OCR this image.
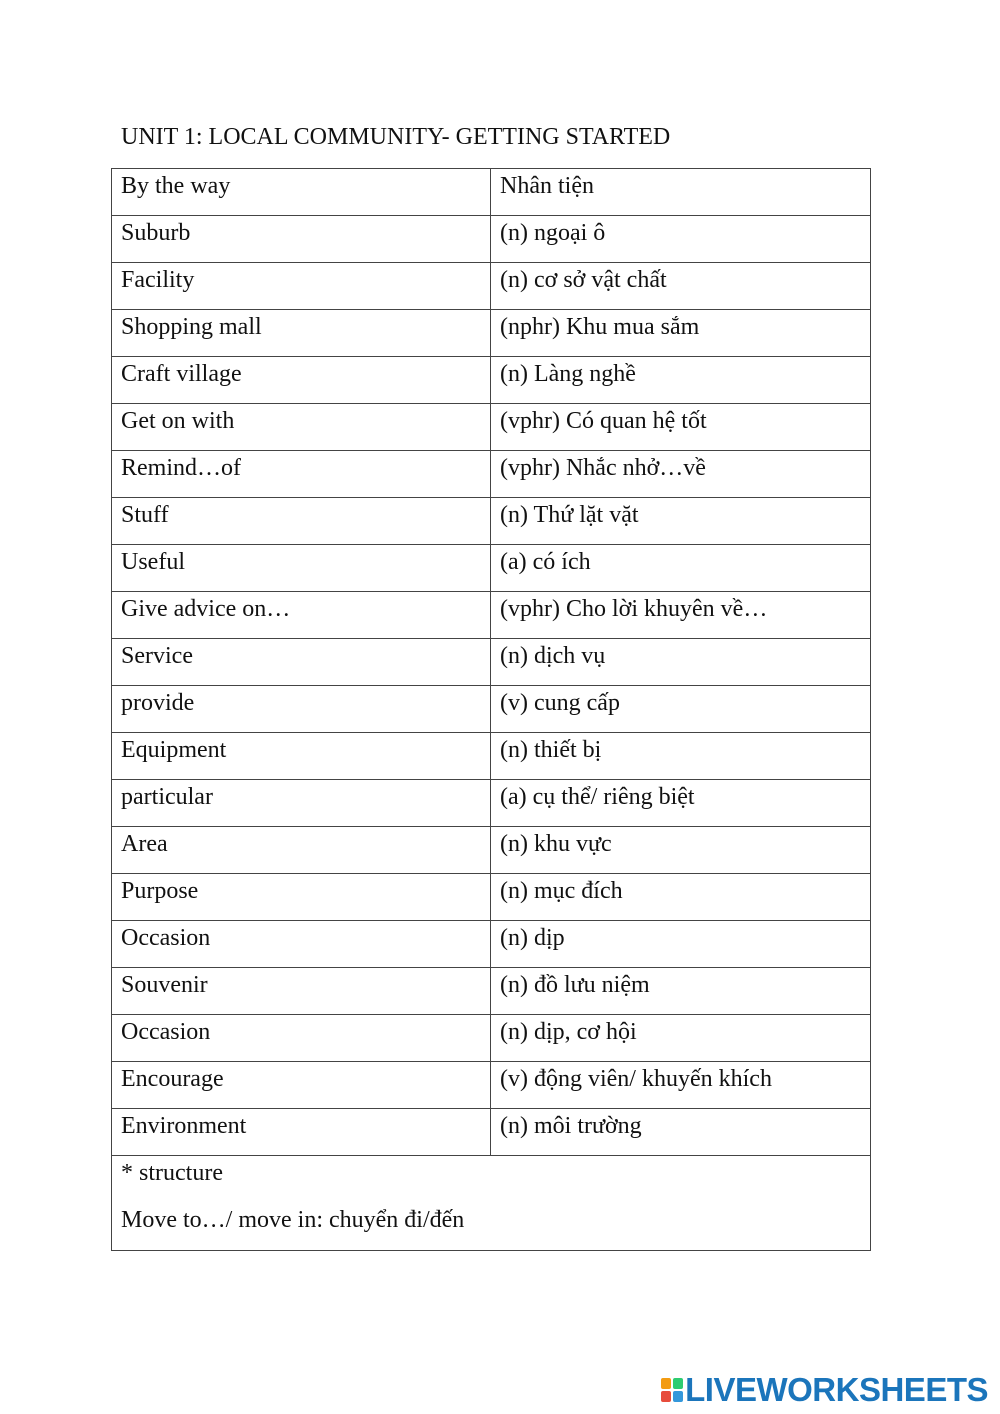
UNIT 1: LOCAL COMMUNITY- GETTING STARTED
By the way	Nhân tiện

Suburb	(n) ngoại ô

Facility	(n) cơ sở vật chất

Shopping mall	(nphr) Khu mua sắm

Craft village	(n) Làng nghề

Get on with	(vphr) Có quan hệ tốt

Remind…of	(vphr) Nhắc nhở…về

Stuff	(n) Thứ lặt vặt

Useful	(a) có ích

Give advice on…	(vphr) Cho lời khuyên về…

Service	(n) dịch vụ

provide	(v) cung cấp

Equipment	(n) thiết bị

particular	(a) cụ thể/ riêng biệt

Area	(n) khu vực

Purpose	(n) mục đích

Occasion	(n) dịp

Souvenir	(n) đồ lưu niệm

Occasion	(n) dịp, cơ hội

Encourage	(v) động viên/ khuyến khích

Environment	(n) môi trường

* structure
Move to…/ move in: chuyển đi/đến	
LIVEWORKSHEETS
